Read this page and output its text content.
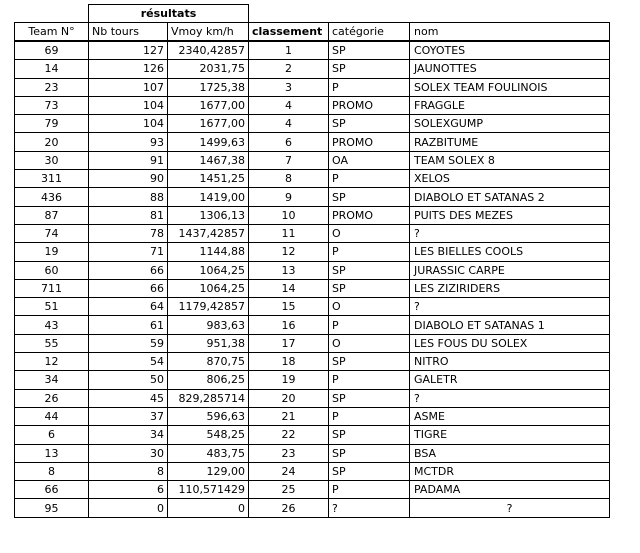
	résultats				
Team N°	Nb tours	Vmoy km/h	classement	catégorie	nom
69	127	2340,42857	1	SP	COYOTES
14	126	2031,75	2	SP	JAUNOTTES
23	107	1725,38	3	P	SOLEX TEAM FOULINOIS
73	104	1677,00	4	PROMO	FRAGGLE
79	104	1677,00	4	SP	SOLEXGUMP
20	93	1499,63	6	PROMO	RAZBITUME
30	91	1467,38	7	OA	TEAM SOLEX 8
311	90	1451,25	8	P	XELOS
436	88	1419,00	9	SP	DIABOLO ET SATANAS 2
87	81	1306,13	10	PROMO	PUITS DES MEZES
74	78	1437,42857	11	O	?
19	71	1144,88	12	P	LES BIELLES COOLS
60	66	1064,25	13	SP	JURASSIC CARPE
711	66	1064,25	14	SP	LES ZIZIRIDERS
51	64	1179,42857	15	O	?
43	61	983,63	16	P	DIABOLO ET SATANAS 1
55	59	951,38	17	O	LES FOUS DU SOLEX
12	54	870,75	18	SP	NITRO
34	50	806,25	19	P	GALETR
26	45	829,285714	20	SP	?
44	37	596,63	21	P	ASME
6	34	548,25	22	SP	TIGRE
13	30	483,75	23	SP	BSA
8	8	129,00	24	SP	MCTDR
66	6	110,571429	25	P	PADAMA
95	0	0	26	?	?
